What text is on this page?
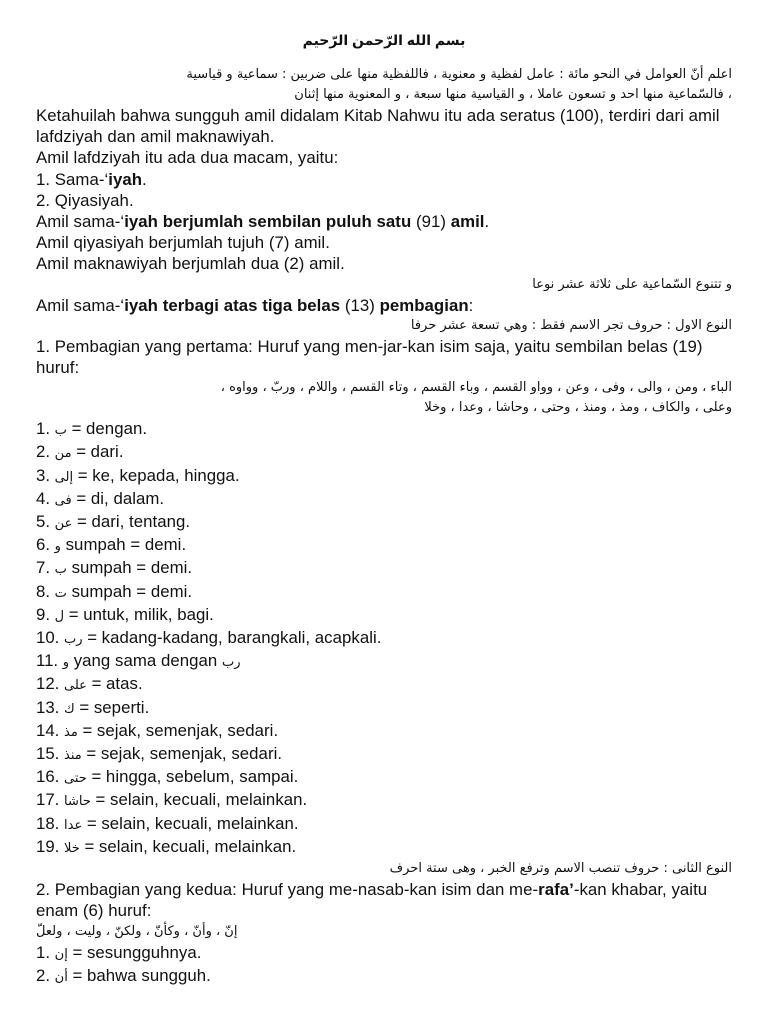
بسم الله الرّحمن الرّحيم

اعلم أنّ العوامل في النحو مائة : عامل لفظية و معنوية ، فاللفظية منها على ضربين : سماعية و قياسية

، فالسّماعية منها احد و تسعون عاملا ، و القياسية منها سبعة ، و المعنوية منها إثنان

Ketahuilah bahwa sungguh amil didalam Kitab Nahwu itu ada seratus (100), terdiri dari amil lafdziyah dan amil maknawiyah.

Amil lafdziyah itu ada dua macam, yaitu:

1. Sama-‘iyah.

2. Qiyasiyah.

Amil sama-‘iyah berjumlah sembilan puluh satu (91) amil.

Amil qiyasiyah berjumlah tujuh (7) amil.

Amil maknawiyah berjumlah dua (2) amil.

و تتنوع السّماعية على ثلاثة عشر نوعا

Amil sama-‘iyah terbagi atas tiga belas (13) pembagian:

النوع الاول : حروف تجر الاسم فقط : وهي تسعة عشر حرفا

1. Pembagian yang pertama: Huruf yang men-jar-kan isim saja, yaitu sembilan belas (19) huruf:

الباء ، ومن ، والى ، وفى ، وعن ، وواو القسم ، وباء القسم ، وتاء القسم ، واللام ، وربّ ، وواوه ،

وعلى ، والكاف ، ومذ ، ومنذ ، وحتى ، وحاشا ، وعدا ، وخلا

1. ب = dengan.
2. من = dari.
3. إلى = ke, kepada, hingga.
4. فى = di, dalam.
5. عن = dari, tentang.
6. و sumpah = demi.
7. ب sumpah = demi.
8. ت sumpah = demi.
9. ل = untuk, milik, bagi.
10. رب = kadang-kadang, barangkali, acapkali.
11. و yang sama dengan رب
12. على = atas.
13. ك = seperti.
14. مذ = sejak, semenjak, sedari.
15. منذ = sejak, semenjak, sedari.
16. حتى = hingga, sebelum, sampai.
17. حاشا = selain, kecuali, melainkan.
18. عدا = selain, kecuali, melainkan.
19. خلا = selain, kecuali, melainkan.

النوع الثانى : حروف تنصب الاسم وترفع الخبر ، وهى ستة احرف

2. Pembagian yang kedua: Huruf yang me-nasab-kan isim dan me-rafa’-kan khabar, yaitu enam (6) huruf:

إنّ ، وأنّ ، وكأنّ ، ولكنّ ، وليت ، ولعلّ

1. إن = sesungguhnya.
2. أن = bahwa sungguh.
